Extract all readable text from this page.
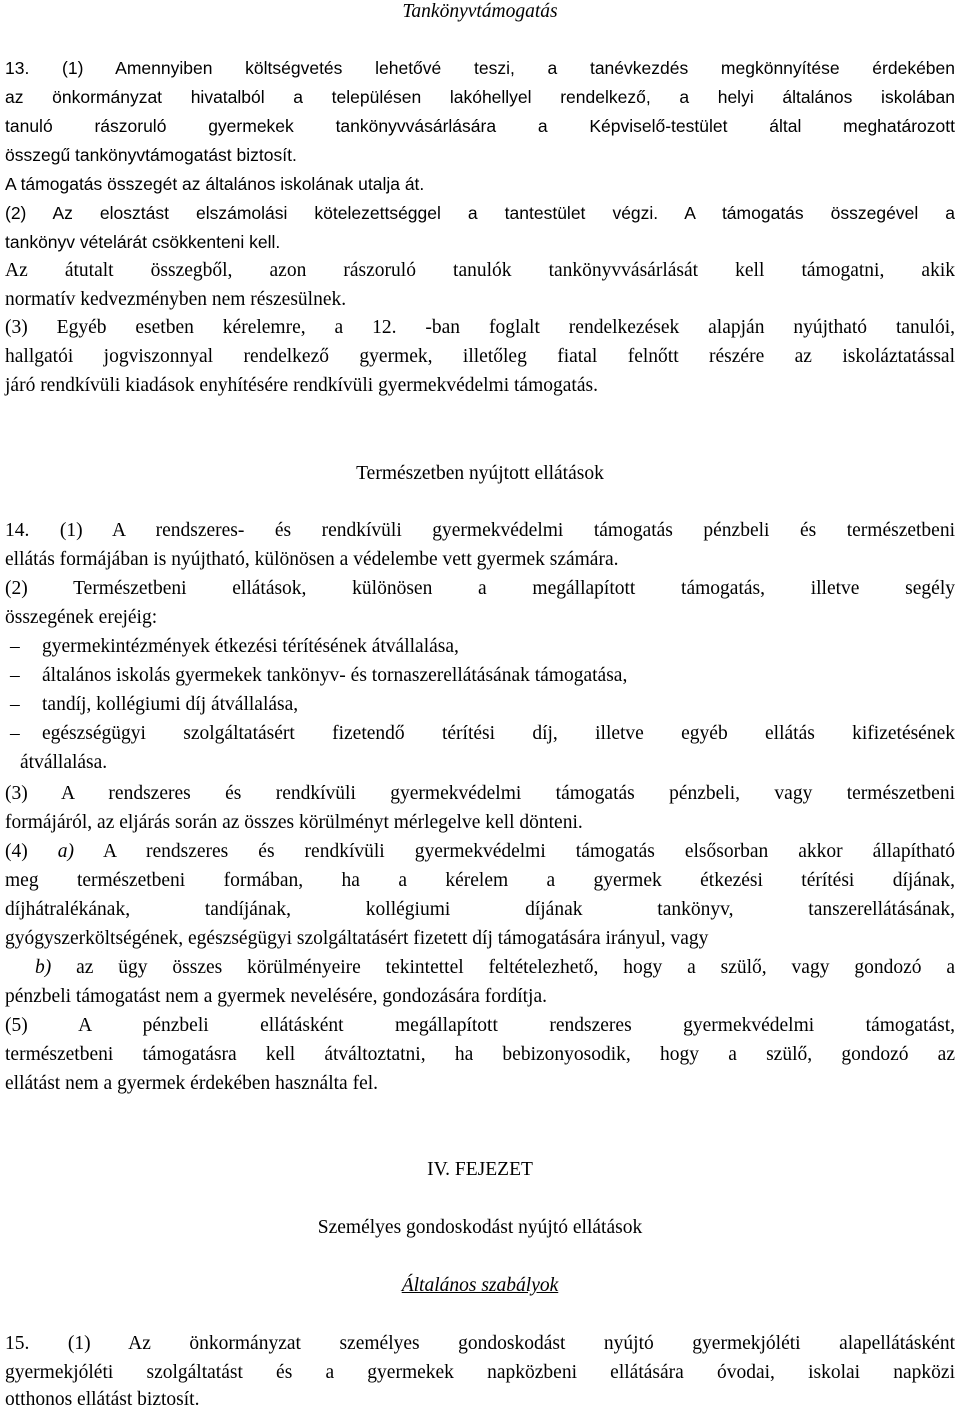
Tankönyvtámogatás
13. (1) Amennyiben költségvetés lehetővé teszi, a tanévkezdés megkönnyítése érdekében
az önkormányzat hivatalból a településen lakóhellyel rendelkező, a helyi általános iskolában
tanuló rászoruló gyermekek tankönyvvásárlására a Képviselő-testület által meghatározott
összegű tankönyvtámogatást biztosít.
A támogatás összegét az általános iskolának utalja át.
(2) Az elosztást elszámolási kötelezettséggel a tantestület végzi. A támogatás összegével a
tankönyv vételárát csökkenteni kell.
Az átutalt összegből, azon rászoruló tanulók tankönyvvásárlását kell támogatni, akik
normatív kedvezményben nem részesülnek.
(3) Egyéb esetben kérelemre, a 12. -ban foglalt rendelkezések alapján nyújtható tanulói,
hallgatói jogviszonnyal rendelkező gyermek, illetőleg fiatal felnőtt részére az iskoláztatással
járó rendkívüli kiadások enyhítésére rendkívüli gyermekvédelmi támogatás.
Természetben nyújtott ellátások
14. (1) A rendszeres- és rendkívüli gyermekvédelmi támogatás pénzbeli és természetbeni
ellátás formájában is nyújtható, különösen a védelembe vett gyermek számára.
(2) Természetbeni ellátások, különösen a megállapított támogatás, illetve segély
összegének erejéig:
–	gyermekintézmények étkezési térítésének átvállalása,
–	általános iskolás gyermekek tankönyv- és tornaszerellátásának támogatása,
–	tandíj, kollégiumi díj átvállalása,
–	egészségügyi szolgáltatásért fizetendő térítési díj, illetve egyéb ellátás kifizetésének
átvállalása.
(3) A rendszeres és rendkívüli gyermekvédelmi támogatás pénzbeli, vagy természetbeni
formájáról, az eljárás során az összes körülményt mérlegelve kell dönteni.
(4) a) A rendszeres és rendkívüli gyermekvédelmi támogatás elsősorban akkor állapítható
meg természetbeni formában, ha a kérelem a gyermek étkezési térítési díjának,
díjhátralékának, tandíjának, kollégiumi díjának tankönyv, tanszerellátásának,
gyógyszerköltségének, egészségügyi szolgáltatásért fizetett díj támogatására irányul, vagy
b) az ügy összes körülményeire tekintettel feltételezhető, hogy a szülő, vagy gondozó a
pénzbeli támogatást nem a gyermek nevelésére, gondozására fordítja.
(5) A pénzbeli ellátásként megállapított rendszeres gyermekvédelmi támogatást,
természetbeni támogatásra kell átváltoztatni, ha bebizonyosodik, hogy a szülő, gondozó az
ellátást nem a gyermek érdekében használta fel.
IV. FEJEZET
Személyes gondoskodást nyújtó ellátások
Általános szabályok
15. (1) Az önkormányzat személyes gondoskodást nyújtó gyermekjóléti alapellátásként
gyermekjóléti szolgáltatást és a gyermekek napközbeni ellátására óvodai, iskolai napközi
otthonos ellátást biztosít.
